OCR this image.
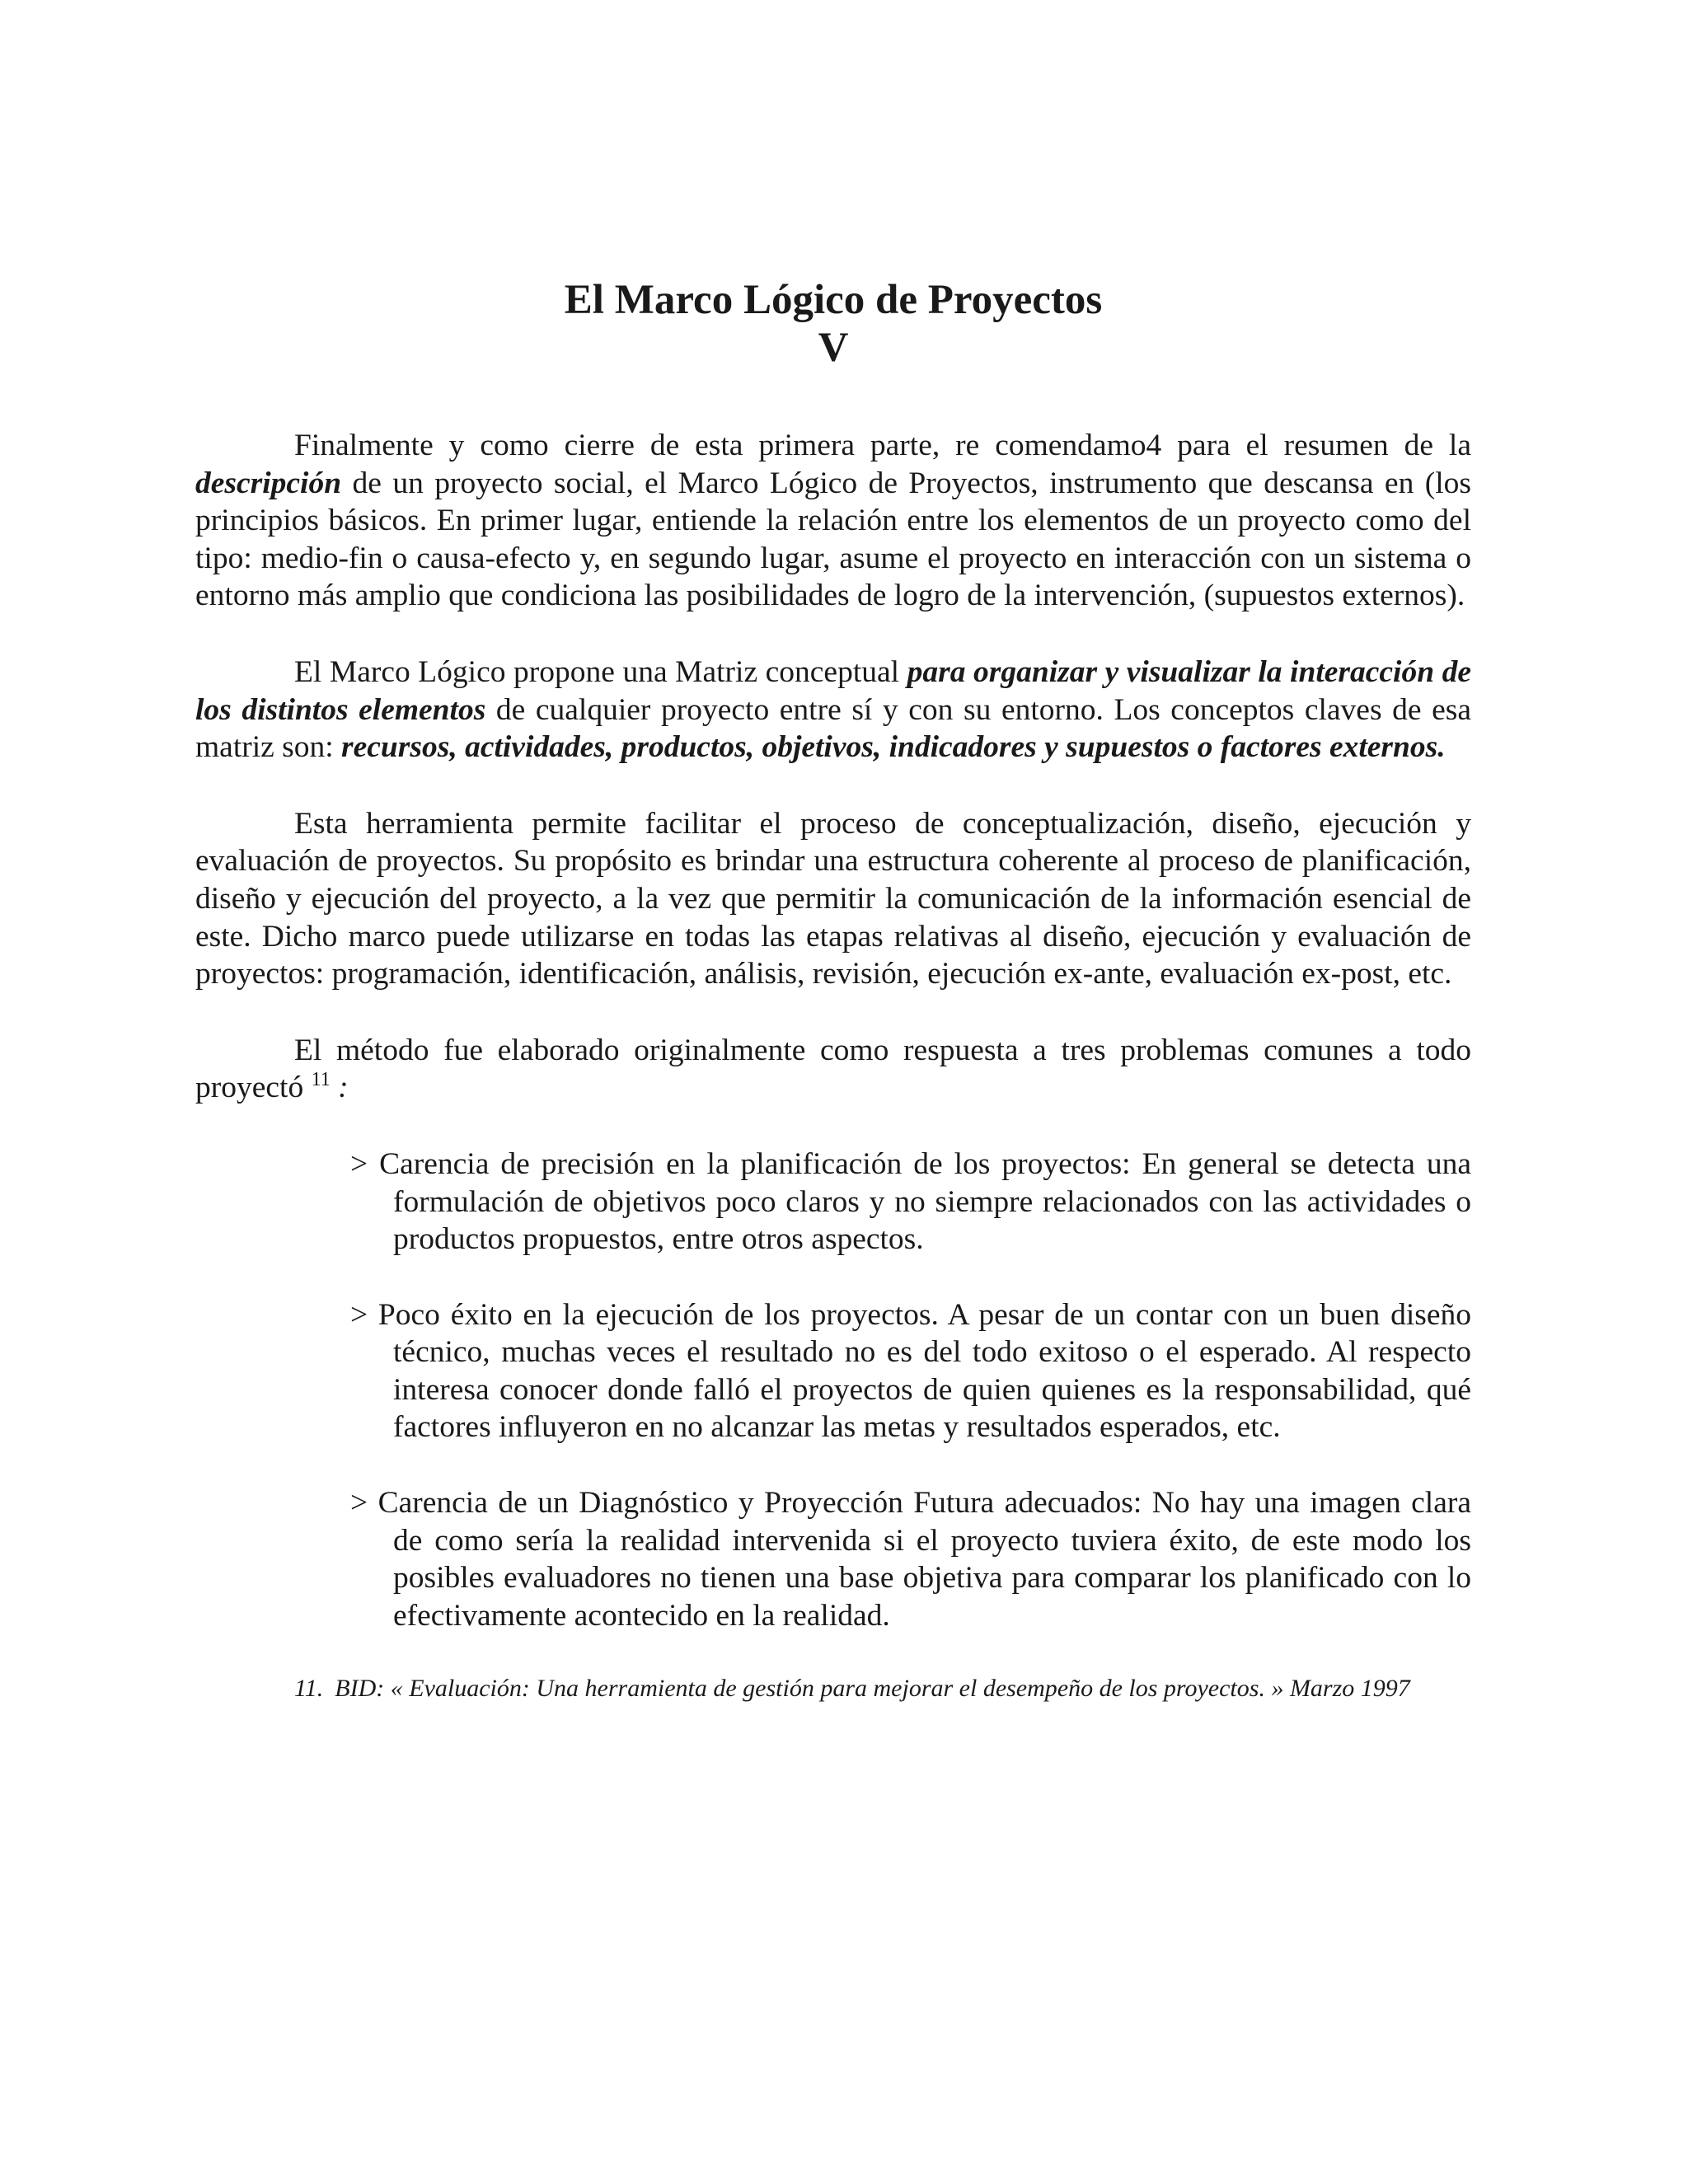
El Marco Lógico de Proyectos
V

Finalmente y como cierre de esta primera parte, re comendamo4 para el resumen de la descripción de un proyecto social, el Marco Lógico de Proyectos, instrumento que descansa en (los principios básicos. En primer lugar, entiende la relación entre los elementos de un proyecto como del tipo: medio-fin o causa-efecto y, en segundo lugar, asume el proyecto en interacción con un sistema o entorno más amplio que condiciona las posibilidades de logro de la intervención, (supuestos externos).

El Marco Lógico propone una Matriz conceptual para organizar y visualizar la interacción de los distintos elementos de cualquier proyecto entre sí y con su entorno. Los conceptos claves de esa matriz son: recursos, actividades, productos, objetivos, indicadores y supuestos o factores externos.

Esta herramienta permite facilitar el proceso de conceptualización, diseño, ejecución y evaluación de proyectos. Su propósito es brindar una estructura coherente al proceso de planificación, diseño y ejecución del proyecto, a la vez que permitir la comunicación de la información esencial de este. Dicho marco puede utilizarse en todas las etapas relativas al diseño, ejecución y evaluación de proyectos: programación, identificación, análisis, revisión, ejecución ex-ante, evaluación ex-post, etc.

El método fue elaborado originalmente como respuesta a tres problemas comunes a todo proyectó $^{11}$ :

> Carencia de precisión en la planificación de los proyectos: En general se detecta una formulación de objetivos poco claros y no siempre relacionados con las actividades o productos propuestos, entre otros aspectos.
> Poco éxito en la ejecución de los proyectos. A pesar de un contar con un buen diseño técnico, muchas veces el resultado no es del todo exitoso o el esperado. Al respecto interesa conocer donde falló el proyectos de quien quienes es la responsabilidad, qué factores influyeron en no alcanzar las metas y resultados esperados, etc.
> Carencia de un Diagnóstico y Proyección Futura adecuados: No hay una imagen clara de como sería la realidad intervenida si el proyecto tuviera éxito, de este modo los posibles evaluadores no tienen una base objetiva para comparar los planificado con lo efectivamente acontecido en la realidad.
11. BID: « Evaluación: Una herramienta de gestión para mejorar el desempeño de los proyectos. » Marzo 1997
